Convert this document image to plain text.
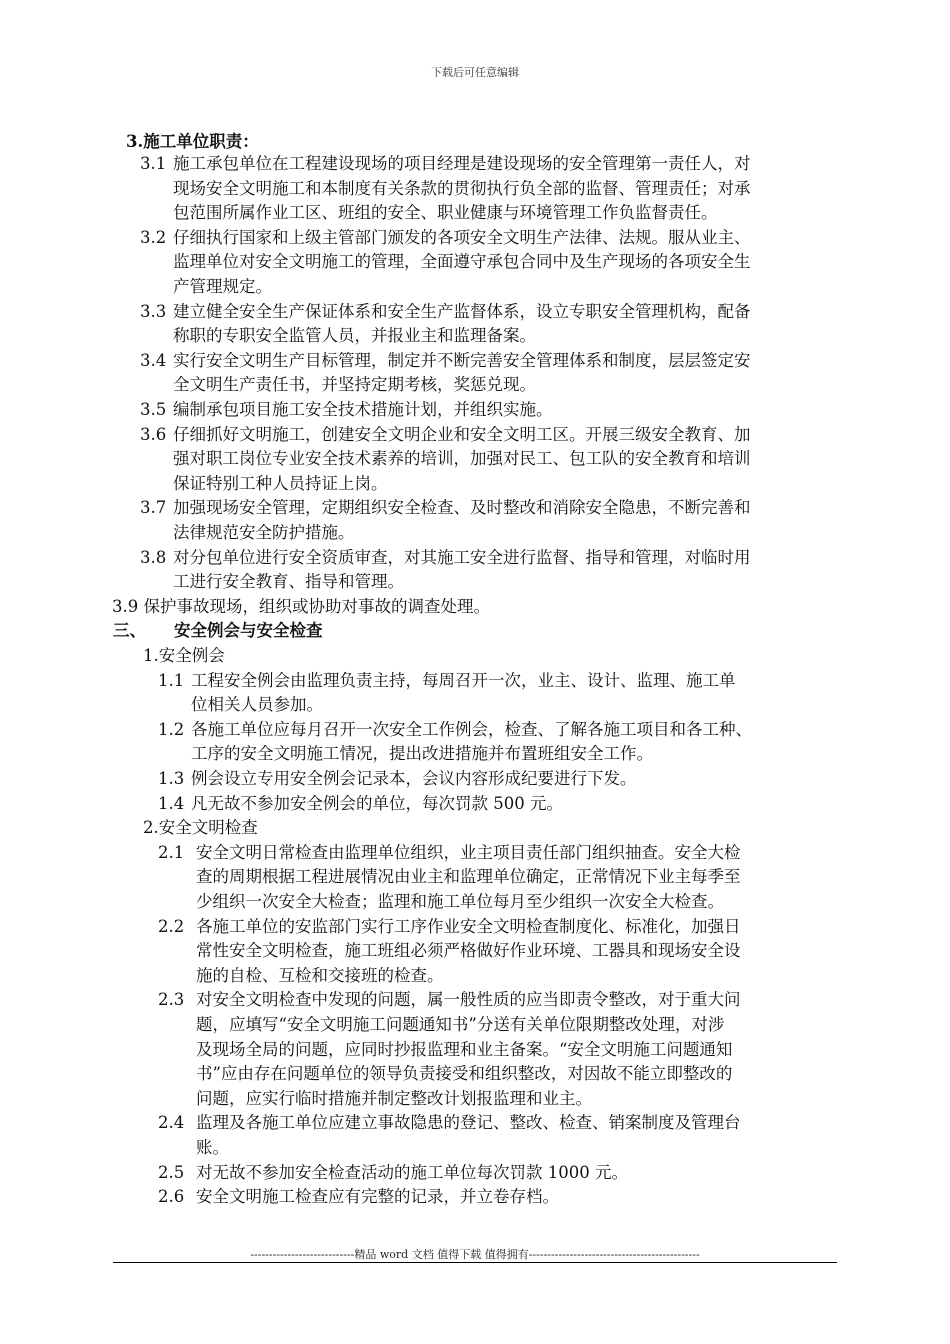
下载后可任意编辑
3.施工单位职责：
3.1 施工承包单位在工程建设现场的项目经理是建设现场的安全管理第一责任人，对
现场安全文明施工和本制度有关条款的贯彻执行负全部的监督、管理责任；对承
包范围所属作业工区、班组的安全、职业健康与环境管理工作负监督责任。
3.2 仔细执行国家和上级主管部门颁发的各项安全文明生产法律、法规。服从业主、
监理单位对安全文明施工的管理，全面遵守承包合同中及生产现场的各项安全生
产管理规定。
3.3 建立健全安全生产保证体系和安全生产监督体系，设立专职安全管理机构，配备
称职的专职安全监管人员，并报业主和监理备案。
3.4 实行安全文明生产目标管理，制定并不断完善安全管理体系和制度，层层签定安
全文明生产责任书，并坚持定期考核，奖惩兑现。
3.5 编制承包项目施工安全技术措施计划，并组织实施。
3.6 仔细抓好文明施工，创建安全文明企业和安全文明工区。开展三级安全教育、加
强对职工岗位专业安全技术素养的培训，加强对民工、包工队的安全教育和培训
保证特别工种人员持证上岗。
3.7 加强现场安全管理，定期组织安全检查、及时整改和消除安全隐患，不断完善和
法律规范安全防护措施。
3.8 对分包单位进行安全资质审查，对其施工安全进行监督、指导和管理，对临时用
工进行安全教育、指导和管理。
3.9 保护事故现场，组织或协助对事故的调查处理。
三、 安全例会与安全检查
1.安全例会
1.1 工程安全例会由监理负责主持，每周召开一次，业主、设计、监理、施工单
位相关人员参加。
1.2 各施工单位应每月召开一次安全工作例会，检查、了解各施工项目和各工种、
工序的安全文明施工情况，提出改进措施并布置班组安全工作。
1.3 例会设立专用安全例会记录本，会议内容形成纪要进行下发。
1.4 凡无故不参加安全例会的单位，每次罚款 500 元。
2.安全文明检查
2.1 安全文明日常检查由监理单位组织，业主项目责任部门组织抽查。安全大检
查的周期根据工程进展情况由业主和监理单位确定，正常情况下业主每季至
少组织一次安全大检查；监理和施工单位每月至少组织一次安全大检查。
2.2 各施工单位的安监部门实行工序作业安全文明检查制度化、标准化，加强日
常性安全文明检查，施工班组必须严格做好作业环境、工器具和现场安全设
施的自检、互检和交接班的检查。
2.3 对安全文明检查中发现的问题，属一般性质的应当即责令整改，对于重大问
题，应填写“安全文明施工问题通知书”分送有关单位限期整改处理，对涉
及现场全局的问题，应同时抄报监理和业主备案。“安全文明施工问题通知
书”应由存在问题单位的领导负责接受和组织整改，对因故不能立即整改的
问题，应实行临时措施并制定整改计划报监理和业主。
2.4 监理及各施工单位应建立事故隐患的登记、整改、检查、销案制度及管理台
账。
2.5 对无故不参加安全检查活动的施工单位每次罚款 1000 元。
2.6 安全文明施工检查应有完整的记录，并立卷存档。
----------------------------精品 word 文档 值得下载 值得拥有----------------------------------------------
